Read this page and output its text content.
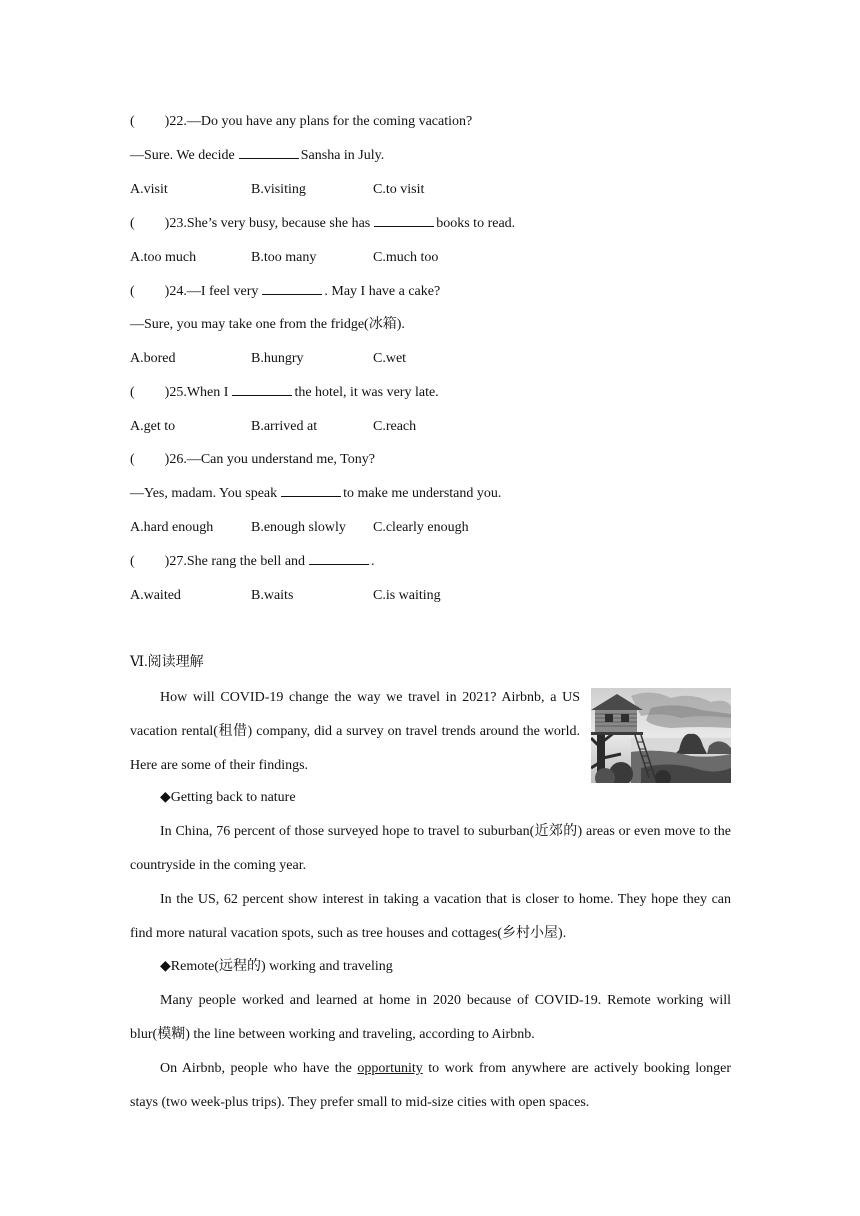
( )22.—Do you have any plans for the coming vacation?
—Sure. We decide	Sansha in July.
A.visit	B.visiting	C.to visit
( )23.She’s very busy, because she has	books to read.
A.too much	B.too many	C.much too
( )24.—I feel very	. May I have a cake?
—Sure, you may take one from the fridge(冰箱).
A.bored	B.hungry	C.wet
( )25.When I	the hotel, it was very late.
A.get to	B.arrived at	C.reach
( )26.—Can you understand me, Tony?
—Yes, madam. You speak	to make me understand you.
A.hard enough	B.enough slowly C.clearly enough
( )27.She rang the bell and	.
A.waited	B.waits	C.is waiting
Ⅵ.阅读理解
How will COVID-19 change the way we travel in 2021? Airbnb, a US vacation rental(租借) company, did a survey on travel trends around the world. Here are some of their findings.
◆Getting back to nature
In China, 76 percent of those surveyed hope to travel to suburban(近郊的) areas or even move to the countryside in the coming year.
In the US, 62 percent show interest in taking a vacation that is closer to home. They hope they can find more natural vacation spots, such as tree houses and cottages(乡村小屋).
◆Remote(远程的) working and traveling
Many people worked and learned at home in 2020 because of COVID-19. Remote working will blur(模糊) the line between working and traveling, according to Airbnb.
On Airbnb, people who have the opportunity to work from anywhere are actively booking longer stays (two week-plus trips). They prefer small to mid-size cities with open spaces.
